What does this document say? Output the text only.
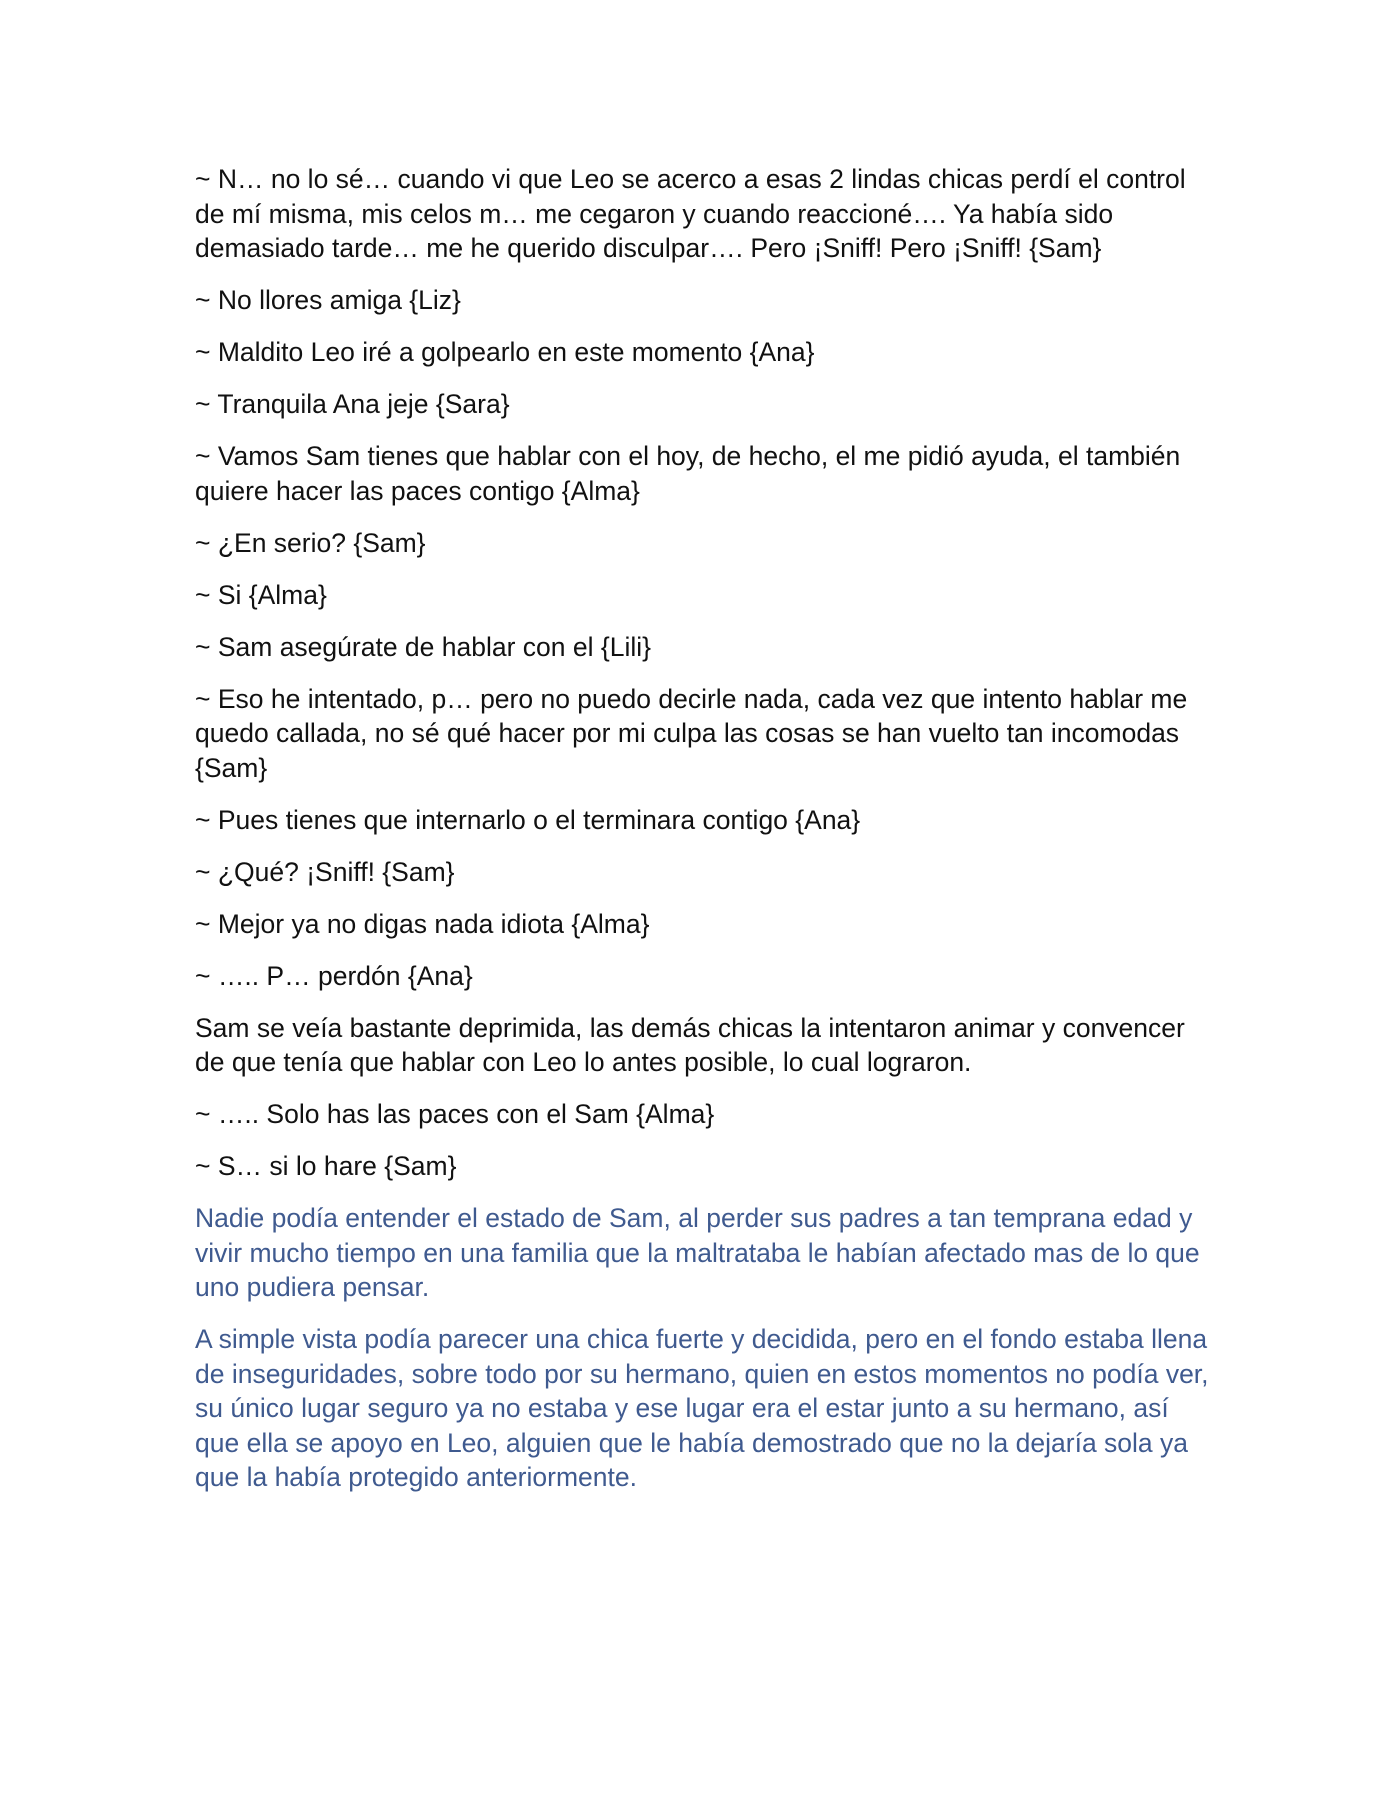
~ N… no lo sé… cuando vi que Leo se acerco a esas 2 lindas chicas perdí el control de mí misma, mis celos m… me cegaron y cuando reaccioné…. Ya había sido demasiado tarde… me he querido disculpar…. Pero ¡Sniff! Pero ¡Sniff! {Sam}

~ No llores amiga {Liz}

~ Maldito Leo iré a golpearlo en este momento {Ana}

~ Tranquila Ana jeje {Sara}

~ Vamos Sam tienes que hablar con el hoy, de hecho, el me pidió ayuda, el también quiere hacer las paces contigo {Alma}

~ ¿En serio? {Sam}

~ Si {Alma}

~ Sam asegúrate de hablar con el {Lili}

~ Eso he intentado, p… pero no puedo decirle nada, cada vez que intento hablar me quedo callada, no sé qué hacer por mi culpa las cosas se han vuelto tan incomodas {Sam}

~ Pues tienes que internarlo o el terminara contigo {Ana}

~ ¿Qué? ¡Sniff! {Sam}

~ Mejor ya no digas nada idiota {Alma}

~ ….. P… perdón {Ana}

Sam se veía bastante deprimida, las demás chicas la intentaron animar y convencer de que tenía que hablar con Leo lo antes posible, lo cual lograron.

~ ….. Solo has las paces con el Sam {Alma}

~ S… si lo hare {Sam}

Nadie podía entender el estado de Sam, al perder sus padres a tan temprana edad y vivir mucho tiempo en una familia que la maltrataba le habían afectado mas de lo que uno pudiera pensar.

A simple vista podía parecer una chica fuerte y decidida, pero en el fondo estaba llena de inseguridades, sobre todo por su hermano, quien en estos momentos no podía ver, su único lugar seguro ya no estaba y ese lugar era el estar junto a su hermano, así que ella se apoyo en Leo, alguien que le había demostrado que no la dejaría sola ya que la había protegido anteriormente.
